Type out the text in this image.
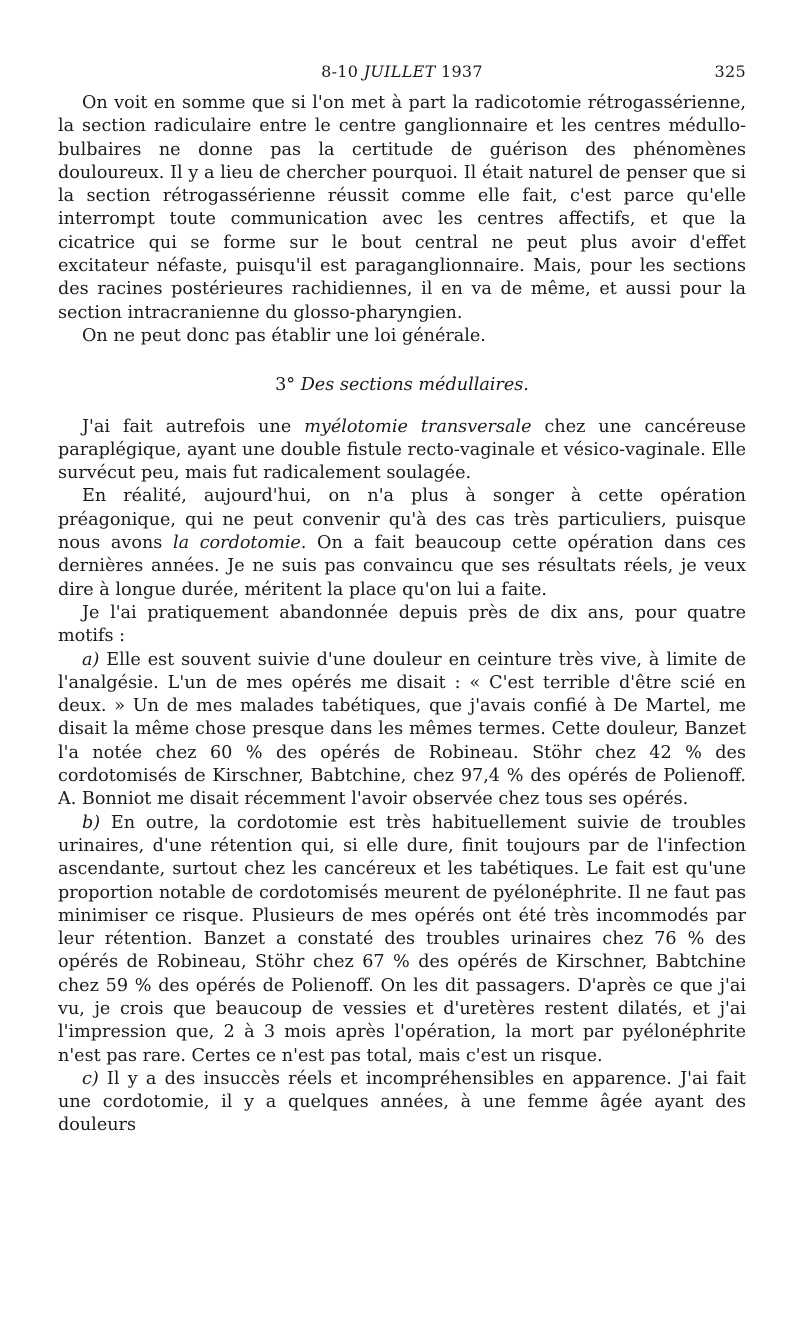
8-10 JUILLET 1937	325

On voit en somme que si l'on met à part la radicotomie rétrogassérienne, la section radiculaire entre le centre ganglionnaire et les centres médullo-bulbaires ne donne pas la certitude de guérison des phénomènes douloureux. Il y a lieu de chercher pourquoi. Il était naturel de penser que si la section rétrogassérienne réussit comme elle fait, c'est parce qu'elle interrompt toute communication avec les centres affectifs, et que la cicatrice qui se forme sur le bout central ne peut plus avoir d'effet excitateur néfaste, puisqu'il est paraganglionnaire. Mais, pour les sections des racines postérieures rachidiennes, il en va de même, et aussi pour la section intracranienne du glosso-pharyngien.

On ne peut donc pas établir une loi générale.

3° Des sections médullaires.

J'ai fait autrefois une myélotomie transversale chez une cancéreuse paraplégique, ayant une double fistule recto-vaginale et vésico-vaginale. Elle survécut peu, mais fut radicalement soulagée.

En réalité, aujourd'hui, on n'a plus à songer à cette opération préagonique, qui ne peut convenir qu'à des cas très particuliers, puisque nous avons la cordotomie. On a fait beaucoup cette opération dans ces dernières années. Je ne suis pas convaincu que ses résultats réels, je veux dire à longue durée, méritent la place qu'on lui a faite.

Je l'ai pratiquement abandonnée depuis près de dix ans, pour quatre motifs :

a) Elle est souvent suivie d'une douleur en ceinture très vive, à limite de l'analgésie. L'un de mes opérés me disait : « C'est terrible d'être scié en deux. » Un de mes malades tabétiques, que j'avais confié à De Martel, me disait la même chose presque dans les mêmes termes. Cette douleur, Banzet l'a notée chez 60 % des opérés de Robineau. Stöhr chez 42 % des cordotomisés de Kirschner, Babtchine, chez 97,4 % des opérés de Polienoff. A. Bonniot me disait récemment l'avoir observée chez tous ses opérés.

b) En outre, la cordotomie est très habituellement suivie de troubles urinaires, d'une rétention qui, si elle dure, finit toujours par de l'infection ascendante, surtout chez les cancéreux et les tabétiques. Le fait est qu'une proportion notable de cordotomisés meurent de pyélonéphrite. Il ne faut pas minimiser ce risque. Plusieurs de mes opérés ont été très incommodés par leur rétention. Banzet a constaté des troubles urinaires chez 76 % des opérés de Robineau, Stöhr chez 67 % des opérés de Kirschner, Babtchine chez 59 % des opérés de Polienoff. On les dit passagers. D'après ce que j'ai vu, je crois que beaucoup de vessies et d'uretères restent dilatés, et j'ai l'impression que, 2 à 3 mois après l'opération, la mort par pyélonéphrite n'est pas rare. Certes ce n'est pas total, mais c'est un risque.

c) Il y a des insuccès réels et incompréhensibles en apparence. J'ai fait une cordotomie, il y a quelques années, à une femme âgée ayant des douleurs
